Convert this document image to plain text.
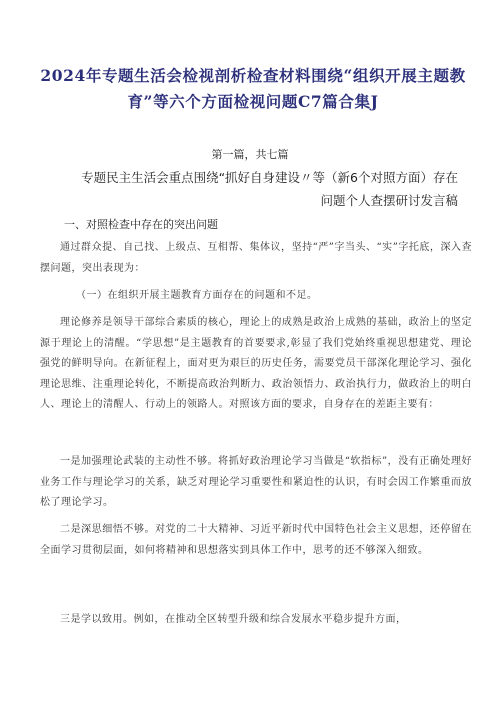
2024年专题生活会检视剖析检查材料围绕“组织开展主题教育”等六个方面检视问题C7篇合集J
第一篇，共七篇
专题民主生活会重点围绕“抓好自身建设〃等（新6个对照方面）存在问题个人查摆研讨发言稿
一、对照检查中存在的突出问题

通过群众提、自己找、上级点、互相帮、集体议，坚持“严”字当头、“实”字托底，深入查摆问题，突出表现为：

（一）在组织开展主题教育方面存在的问题和不足。

理论修养是领导干部综合素质的核心，理论上的成熟是政治上成熟的基础，政治上的坚定源于理论上的清醒。“学思想”是主题教育的首要要求,彰显了我们党始终重视思想建党、理论强党的鲜明导向。在新征程上，面对更为艰巨的历史任务，需要党员干部深化理论学习、强化理论思维、注重理论转化，不断提高政治判断力、政治领悟力、政治执行力，做政治上的明白人、理论上的清醒人、行动上的领路人。对照该方面的要求，自身存在的差距主要有：

一是加强理论武装的主动性不够。将抓好政治理论学习当做是“软指标”，没有正确处理好业务工作与理论学习的关系，缺乏对理论学习重要性和紧迫性的认识，有时会因工作繁重而放松了理论学习。

二是深思细悟不够。对党的二十大精神、习近平新时代中国特色社会主义思想，还停留在全面学习贯彻层面，如何将精神和思想落实到具体工作中，思考的还不够深入细致。

三是学以致用。例如，在推动全区转型升级和综合发展水平稳步提升方面，
